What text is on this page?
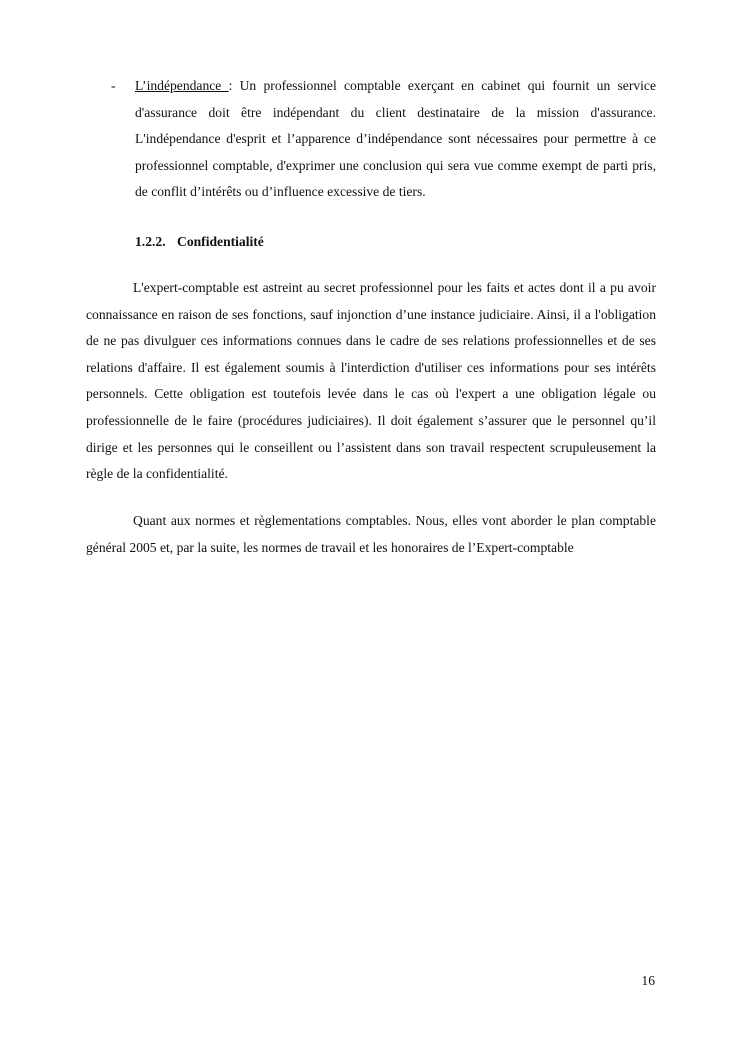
- L’indépendance : Un professionnel comptable exerçant en cabinet qui fournit un service d'assurance doit être indépendant du client destinataire de la mission d'assurance. L'indépendance d'esprit et l’apparence d’indépendance sont nécessaires pour permettre à ce professionnel comptable, d'exprimer une conclusion qui sera vue comme exempt de parti pris, de conflit d’intérêts ou d’influence excessive de tiers.
1.2.2. Confidentialité

L'expert-comptable est astreint au secret professionnel pour les faits et actes dont il a pu avoir connaissance en raison de ses fonctions, sauf injonction d’une instance judiciaire. Ainsi, il a l'obligation de ne pas divulguer ces informations connues dans le cadre de ses relations professionnelles et de ses relations d'affaire. Il est également soumis à l'interdiction d'utiliser ces informations pour ses intérêts personnels. Cette obligation est toutefois levée dans le cas où l'expert a une obligation légale ou professionnelle de le faire (procédures judiciaires). Il doit également s’assurer que le personnel qu’il dirige et les personnes qui le conseillent ou l’assistent dans son travail respectent scrupuleusement la règle de la confidentialité.

Quant aux normes et règlementations comptables. Nous, elles vont aborder le plan comptable général 2005 et, par la suite, les normes de travail et les honoraires de l’Expert-comptable

16
